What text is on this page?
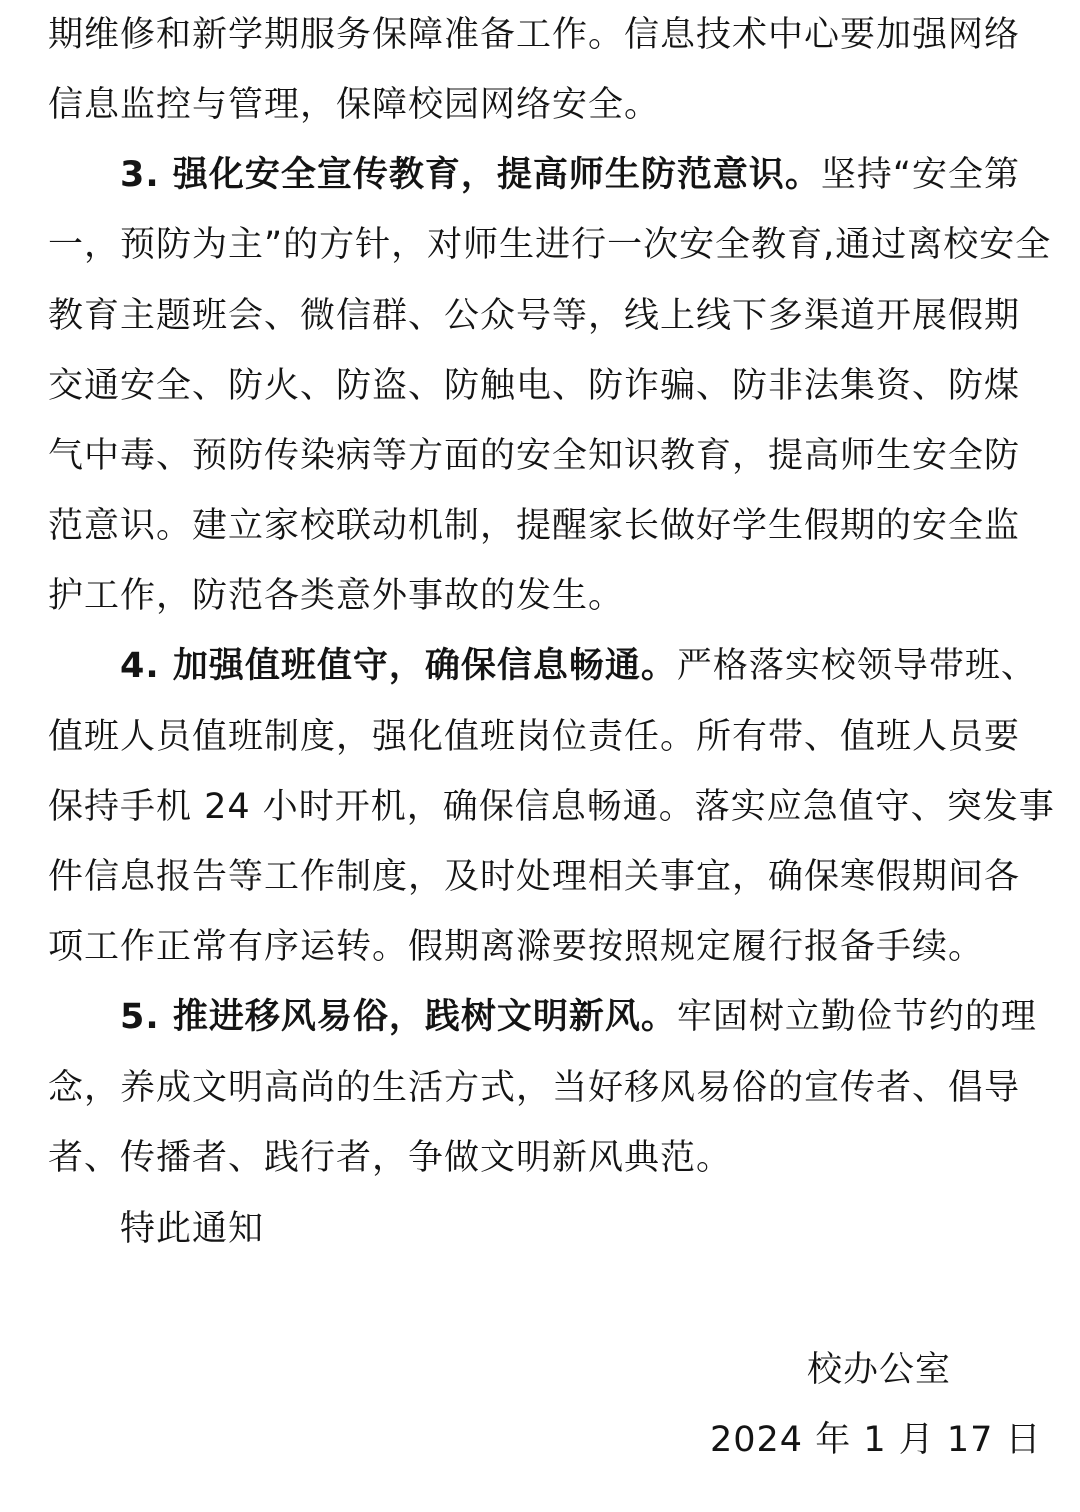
期维修和新学期服务保障准备工作。信息技术中心要加强网络
信息监控与管理，保障校园网络安全。
3. 强化安全宣传教育，提高师生防范意识。坚持“安全第
一，预防为主”的方针，对师生进行一次安全教育,通过离校安全
教育主题班会、微信群、公众号等，线上线下多渠道开展假期
交通安全、防火、防盗、防触电、防诈骗、防非法集资、防煤
气中毒、预防传染病等方面的安全知识教育，提高师生安全防
范意识。建立家校联动机制，提醒家长做好学生假期的安全监
护工作，防范各类意外事故的发生。
4. 加强值班值守，确保信息畅通。严格落实校领导带班、
值班人员值班制度，强化值班岗位责任。所有带、值班人员要
保持手机 24 小时开机，确保信息畅通。落实应急值守、突发事
件信息报告等工作制度，及时处理相关事宜，确保寒假期间各
项工作正常有序运转。假期离滁要按照规定履行报备手续。
5. 推进移风易俗，践树文明新风。牢固树立勤俭节约的理
念，养成文明高尚的生活方式，当好移风易俗的宣传者、倡导
者、传播者、践行者，争做文明新风典范。
特此通知
校办公室
2024 年 1 月 17 日
